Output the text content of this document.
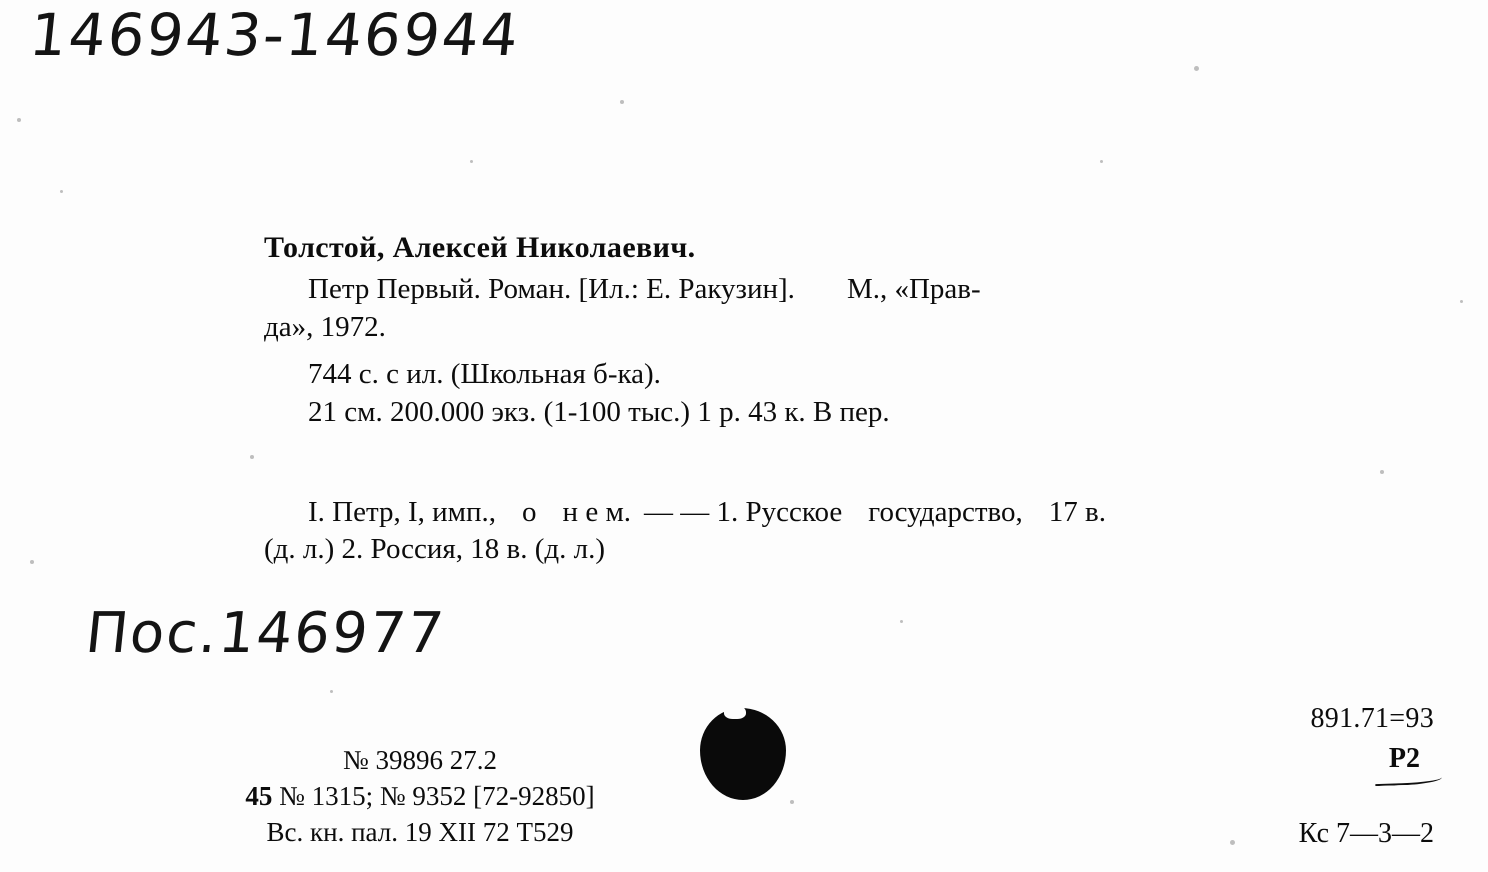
146943-146944
Толстой, Алексей Николаевич.
Петр Первый. Роман. [Ил.: Е. Ракузин]. М., «Прав-
да», 1972.
744 с. с ил. (Школьная б-ка).
21 см. 200.000 экз. (1-100 тыс.) 1 р. 43 к. В пер.
I. Петр, I, имп., о н е м. — — 1. Русское государство, 17 в.
(д. л.) 2. Россия, 18 в. (д. л.)
Пос.146977
№ 39896 27.2
45 № 1315; № 9352 [72-92850]
Вс. кн. пал. 19 XII 72 Т529
891.71=93
Р2
Кс 7—3—2
